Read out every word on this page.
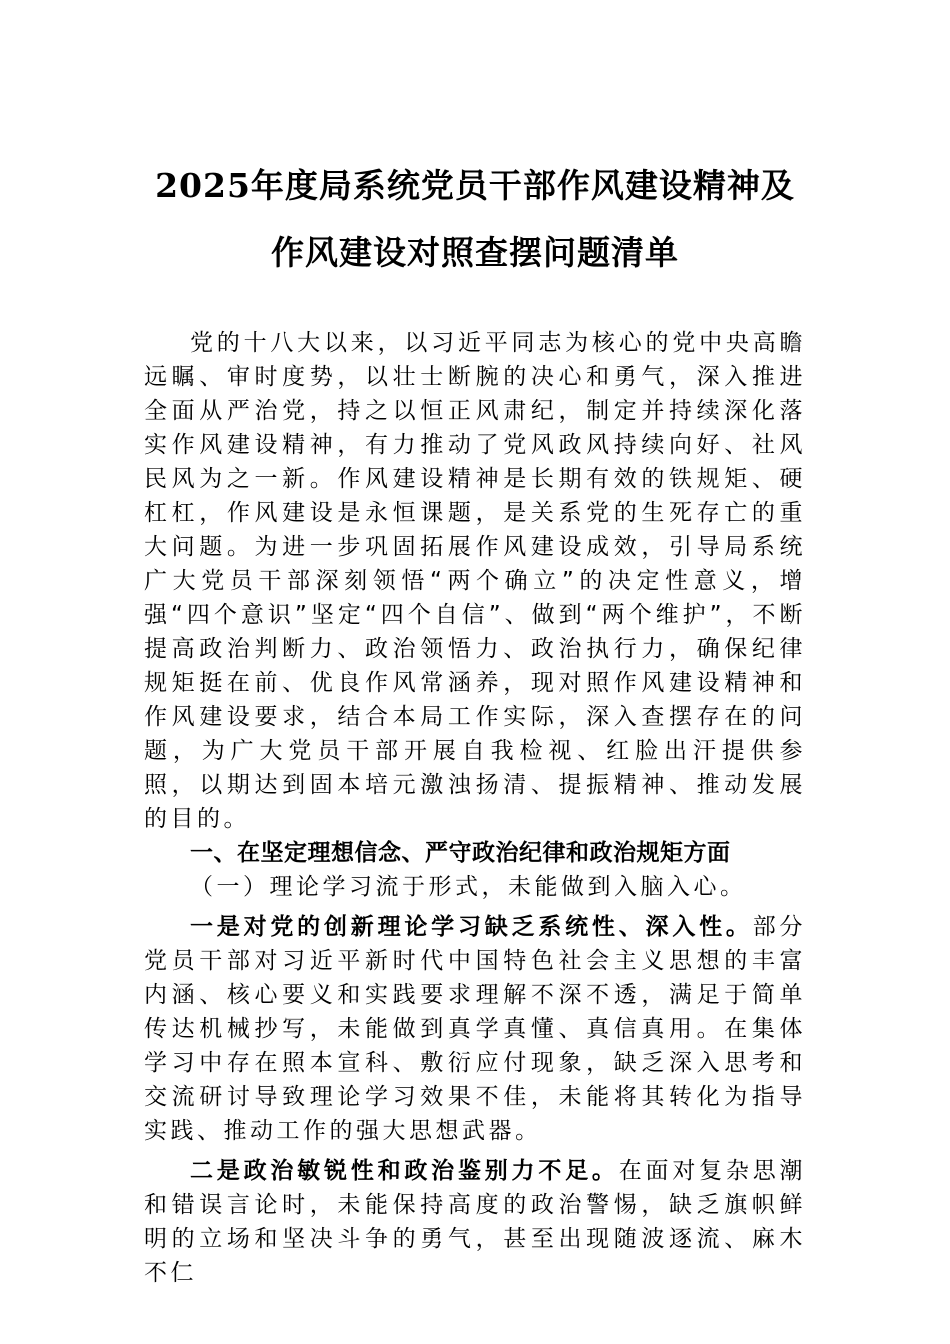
2025年度局系统党员干部作风建设精神及
作风建设对照查摆问题清单

党的十八大以来，以习近平同志为核心的党中央高瞻远瞩、审时度势，以壮士断腕的决心和勇气，深入推进全面从严治党，持之以恒正风肃纪，制定并持续深化落实作风建设精神，有力推动了党风政风持续向好、社风民风为之一新。作风建设精神是长期有效的铁规矩、硬杠杠，作风建设是永恒课题，是关系党的生死存亡的重大问题。为进一步巩固拓展作风建设成效，引导局系统广大党员干部深刻领悟“两个确立”的决定性意义，增强“四个意识”坚定“四个自信”、做到“两个维护”，不断提高政治判断力、政治领悟力、政治执行力，确保纪律规矩挺在前、优良作风常涵养，现对照作风建设精神和作风建设要求，结合本局工作实际，深入查摆存在的问题，为广大党员干部开展自我检视、红脸出汗提供参照，以期达到固本培元激浊扬清、提振精神、推动发展的目的。

一、在坚定理想信念、严守政治纪律和政治规矩方面

（一）理论学习流于形式，未能做到入脑入心。

一是对党的创新理论学习缺乏系统性、深入性。部分党员干部对习近平新时代中国特色社会主义思想的丰富内涵、核心要义和实践要求理解不深不透，满足于简单传达机械抄写，未能做到真学真懂、真信真用。在集体学习中存在照本宣科、敷衍应付现象，缺乏深入思考和交流研讨导致理论学习效果不佳，未能将其转化为指导实践、推动工作的强大思想武器。

二是政治敏锐性和政治鉴别力不足。在面对复杂思潮和错误言论时，未能保持高度的政治警惕，缺乏旗帜鲜明的立场和坚决斗争的勇气，甚至出现随波逐流、麻木不仁
